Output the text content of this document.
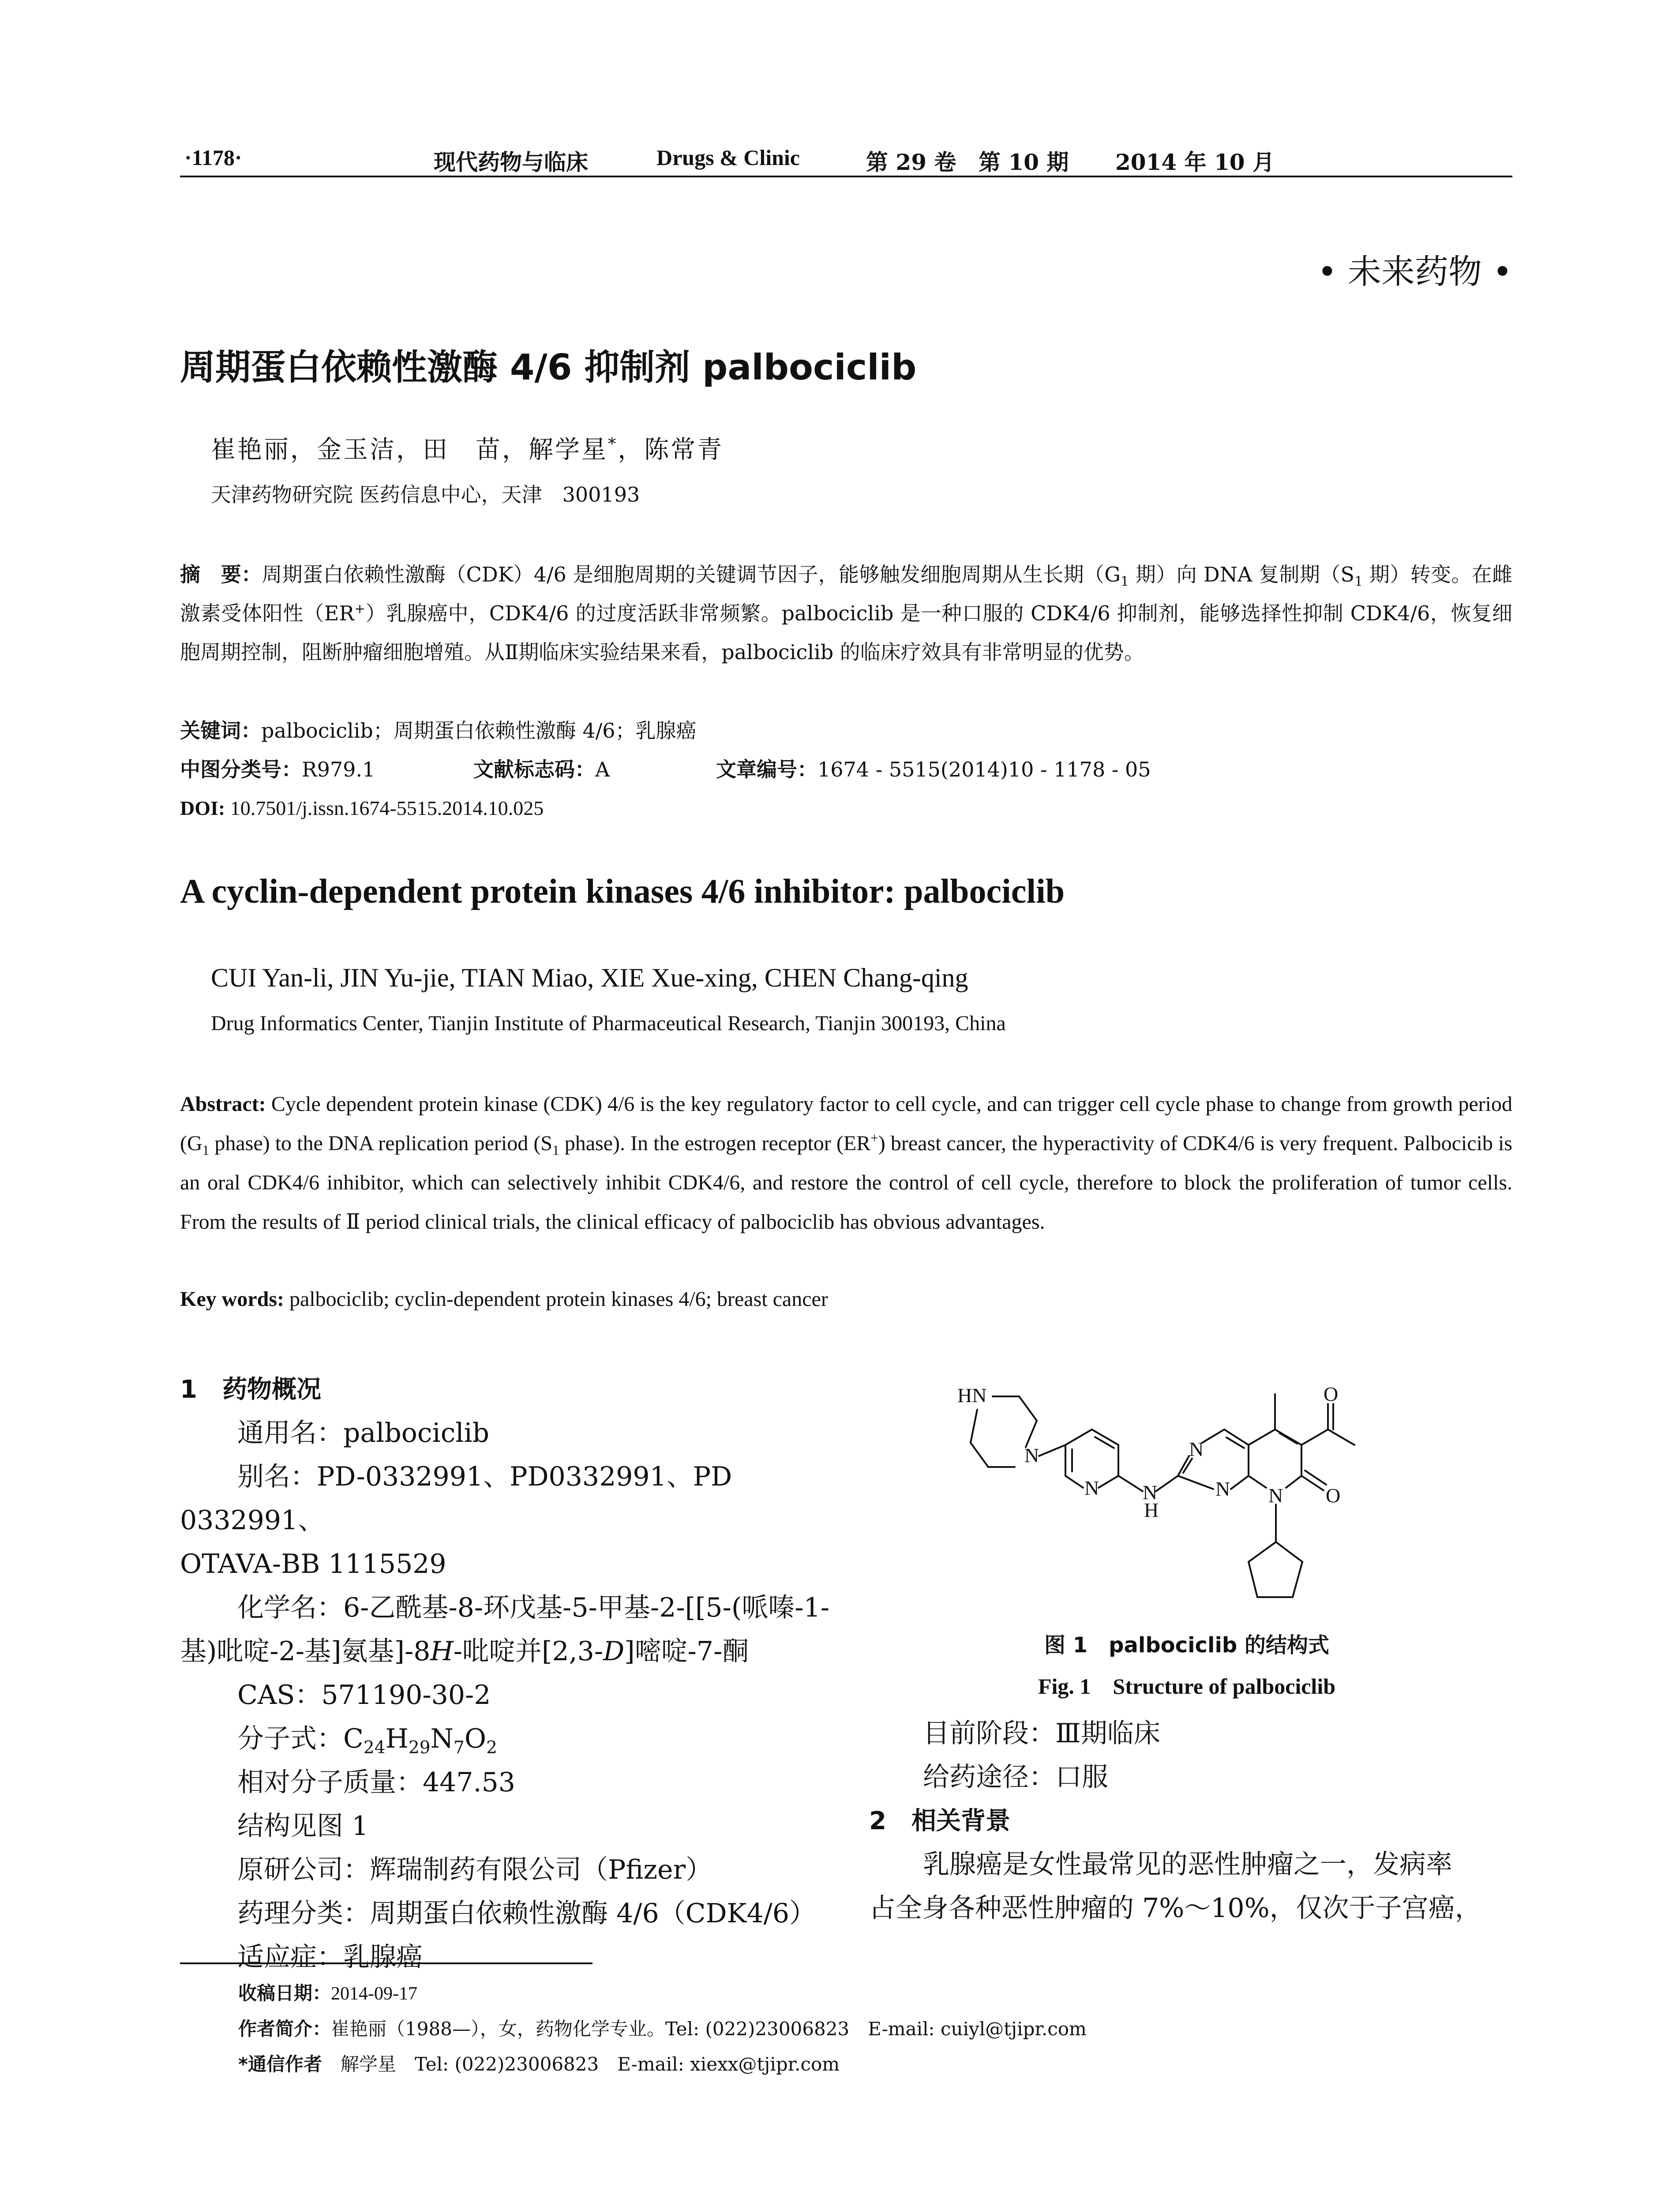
·1178·	现代药物与临床	Drugs & Clinic	第 29 卷 第 10 期 2014 年 10 月
• 未来药物 •
周期蛋白依赖性激酶 4/6 抑制剂 palbociclib
崔艳丽，金玉洁，田　苗，解学星*，陈常青
天津药物研究院 医药信息中心，天津　300193
摘　要：周期蛋白依赖性激酶（CDK）4/6 是细胞周期的关键调节因子，能够触发细胞周期从生长期（$G_1$ 期）向 DNA 复制期（$S_1$ 期）转变。在雌激素受体阳性（ER+）乳腺癌中，CDK4/6 的过度活跃非常频繁。palbociclib 是一种口服的 CDK4/6 抑制剂，能够选择性抑制 CDK4/6，恢复细胞周期控制，阻断肿瘤细胞增殖。从Ⅱ期临床实验结果来看，palbociclib 的临床疗效具有非常明显的优势。
关键词：palbociclib；周期蛋白依赖性激酶 4/6；乳腺癌
中图分类号： R979.1	文献标志码： A	文章编号： 1674 - 5515(2014)10 - 1178 - 05
DOI: 10.7501/j.issn.1674-5515.2014.10.025
A cyclin-dependent protein kinases 4/6 inhibitor: palbociclib
CUI Yan-li, JIN Yu-jie, TIAN Miao, XIE Xue-xing, CHEN Chang-qing
Drug Informatics Center, Tianjin Institute of Pharmaceutical Research, Tianjin 300193, China
Abstract: Cycle dependent protein kinase (CDK) 4/6 is the key regulatory factor to cell cycle, and can trigger cell cycle phase to change from growth period ($G_1$ phase) to the DNA replication period ($S_1$ phase). In the estrogen receptor (ER+) breast cancer, the hyperactivity of CDK4/6 is very frequent. Palbocicib is an oral CDK4/6 inhibitor, which can selectively inhibit CDK4/6, and restore the control of cell cycle, therefore to block the proliferation of tumor cells. From the results of Ⅱ period clinical trials, the clinical efficacy of palbociclib has obvious advantages.
Key words: palbociclib; cyclin-dependent protein kinases 4/6; breast cancer
1 药物概况
通用名：palbociclib
别名：PD-0332991、PD0332991、PD 0332991、
OTAVA-BB 1115529
化学名：6-乙酰基-8-环戊基-5-甲基-2-[[5-(哌嗪-1-
基)吡啶-2-基]氨基]-8H-吡啶并[2,3-D]嘧啶-7-酮
CAS：571190-30-2
分子式：$C_{24}H_{29}N_7O_2$
相对分子质量：447.53
结构见图 1
原研公司：辉瑞制药有限公司（Pfizer）
药理分类：周期蛋白依赖性激酶 4/6（CDK4/6）
适应症：乳腺癌
HN
N
N N
H
N
N N
O
O
图 1　palbociclib 的结构式
Fig. 1　Structure of palbociclib
目前阶段：Ⅲ期临床
给药途径：口服
2 相关背景
乳腺癌是女性最常见的恶性肿瘤之一，发病率
占全身各种恶性肿瘤的 7%～10%，仅次于子宫癌，
收稿日期：2014-09-17
作者简介：崔艳丽（1988—），女，药物化学专业。Tel: (022)23006823　E-mail: cuiyl@tjipr.com
*通信作者　解学星　Tel: (022)23006823　E-mail: xiexx@tjipr.com
